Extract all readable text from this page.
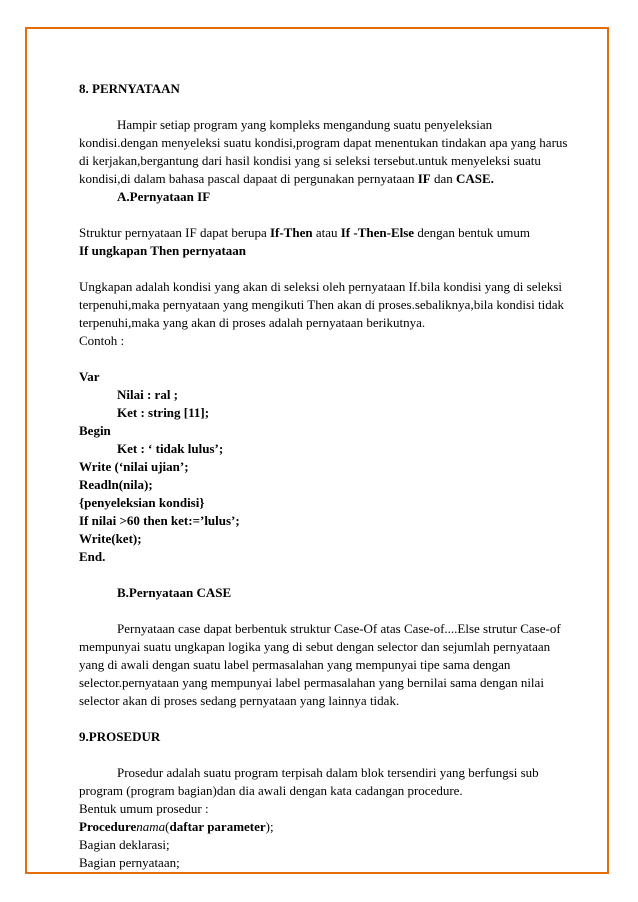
8. PERNYATAAN
Hampir setiap program yang kompleks mengandung suatu penyeleksian
kondisi.dengan menyeleksi suatu kondisi,program dapat menentukan tindakan apa yang harus
di kerjakan,bergantung dari hasil kondisi yang si seleksi tersebut.untuk menyeleksi suatu
kondisi,di dalam bahasa pascal dapaat di pergunakan pernyataan IF dan CASE.
A.Pernyataan IF
Struktur pernyataan IF dapat berupa If-Then atau If -Then-Else dengan bentuk umum
If ungkapan Then pernyataan
Ungkapan adalah kondisi yang akan di seleksi oleh pernyataan If.bila kondisi yang di seleksi
terpenuhi,maka pernyataan yang mengikuti Then akan di proses.sebaliknya,bila kondisi tidak
terpenuhi,maka yang akan di proses adalah pernyataan berikutnya.
Contoh :
Var
Nilai : ral ;
Ket : string [11];
Begin
Ket : ‘ tidak lulus’;
Write (‘nilai ujian’;
Readln(nila);
{penyeleksian kondisi}
If nilai >60 then ket:=’lulus’;
Write(ket);
End.
B.Pernyataan CASE
Pernyataan case dapat berbentuk struktur Case-Of atas Case-of....Else strutur Case-of
mempunyai suatu ungkapan logika yang di sebut dengan selector dan sejumlah pernyataan
yang di awali dengan suatu label permasalahan yang mempunyai tipe sama dengan
selector.pernyataan yang mempunyai label permasalahan yang bernilai sama dengan nilai
selector akan di proses sedang pernyataan yang lainnya tidak.
9.PROSEDUR
Prosedur adalah suatu program terpisah dalam blok tersendiri yang berfungsi sub
program (program bagian)dan dia awali dengan kata cadangan procedure.
Bentuk umum prosedur :
Procedurenama(daftar parameter);
Bagian deklarasi;
Bagian pernyataan;
